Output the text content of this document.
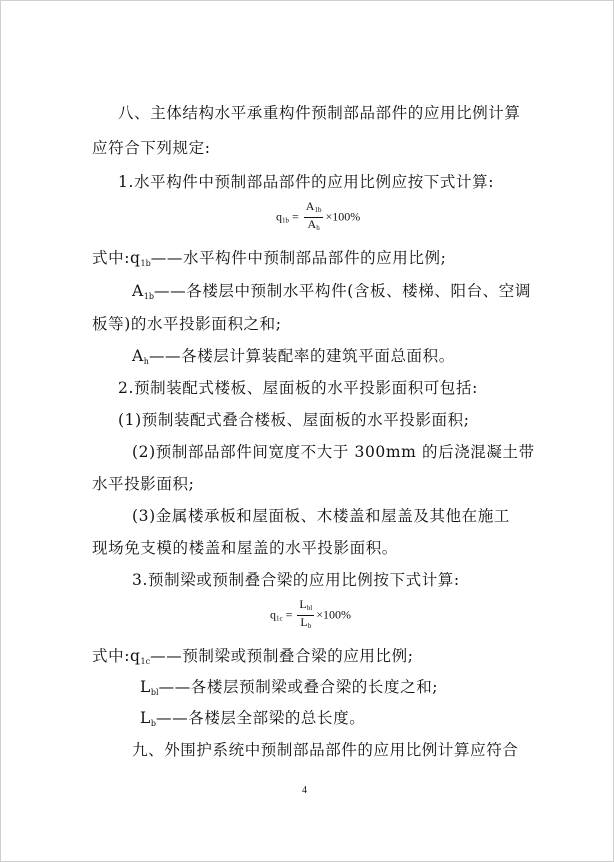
八、主体结构水平承重构件预制部品部件的应用比例计算
应符合下列规定:
1.水平构件中预制部品部件的应用比例应按下式计算:
$q1b = \frac{A1b}{Ah} \times 100\%$
式中$:q_{1b}——$水平构件中预制部品部件的应用比例;
$A_{1b}——$各楼层中预制水平构件(含板、楼梯、阳台、空调
板等)的水平投影面积之和;
$A_h——$各楼层计算装配率的建筑平面总面积。
2.预制装配式楼板、屋面板的水平投影面积可包括:
(1)预制装配式叠合楼板、屋面板的水平投影面积;
(2)预制部品部件间宽度不大于 300mm 的后浇混凝土带
水平投影面积;
(3)金属楼承板和屋面板、木楼盖和屋盖及其他在施工
现场免支模的楼盖和屋盖的水平投影面积。
3.预制梁或预制叠合梁的应用比例按下式计算:
$q1c = \frac{\text{Lbl}}{Lb} \times 100\%$
式中$:q_{1c}——$预制梁或预制叠合梁的应用比例;
$L_{bl}——$各楼层预制梁或叠合梁的长度之和;
$L_b——$各楼层全部梁的总长度。
九、外围护系统中预制部品部件的应用比例计算应符合
4
